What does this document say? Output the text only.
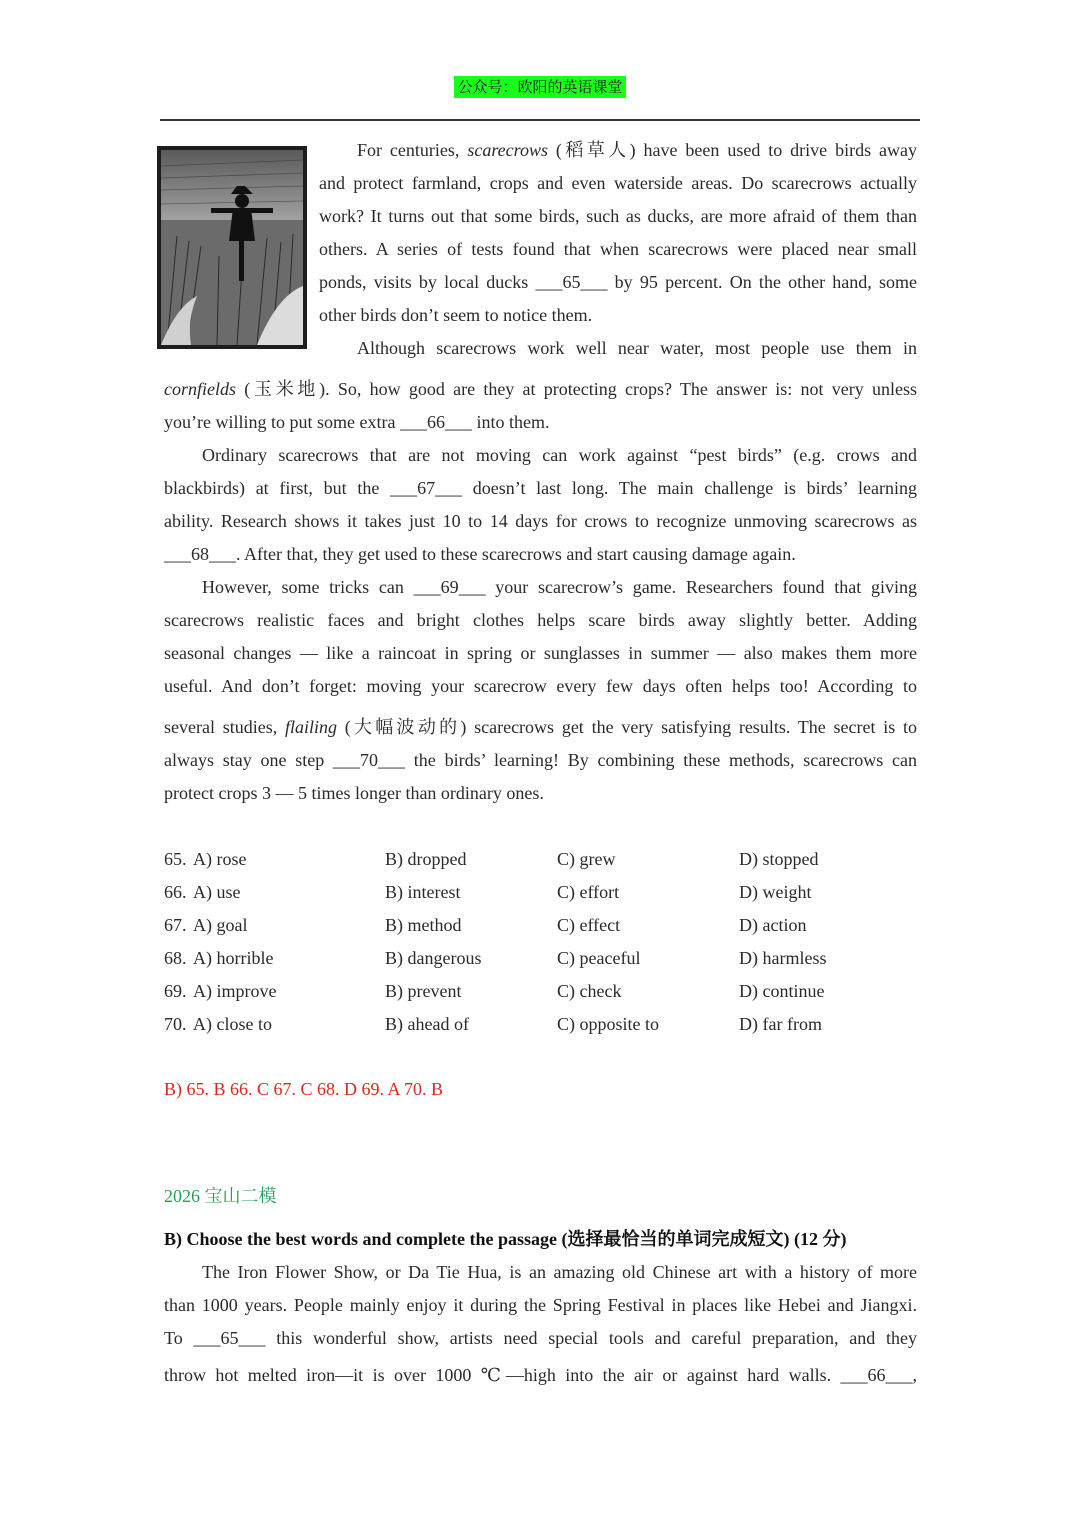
公众号：欧阳的英语课堂

For centuries, scarecrows (稻草人) have been used to drive birds away

and protect farmland, crops and even waterside areas. Do scarecrows actually

work? It turns out that some birds, such as ducks, are more afraid of them than

others. A series of tests found that when scarecrows were placed near small

ponds, visits by local ducks ___65___ by 95 percent. On the other hand, some

other birds don’t seem to notice them.

Although scarecrows work well near water, most people use them in

cornfields (玉米地). So, how good are they at protecting crops? The answer is: not very unless

you’re willing to put some extra ___66___ into them.

Ordinary scarecrows that are not moving can work against “pest birds” (e.g. crows and

blackbirds) at first, but the ___67___ doesn’t last long. The main challenge is birds’ learning

ability. Research shows it takes just 10 to 14 days for crows to recognize unmoving scarecrows as

___68___. After that, they get used to these scarecrows and start causing damage again.

However, some tricks can ___69___ your scarecrow’s game. Researchers found that giving

scarecrows realistic faces and bright clothes helps scare birds away slightly better. Adding

seasonal changes — like a raincoat in spring or sunglasses in summer — also makes them more

useful. And don’t forget: moving your scarecrow every few days often helps too! According to

several studies, flailing (大幅波动的) scarecrows get the very satisfying results. The secret is to

always stay one step ___70___ the birds’ learning! By combining these methods, scarecrows can

protect crops 3 — 5 times longer than ordinary ones.

65. A) rose	B) dropped	C) grew	D) stopped
66. A) use	B) interest	C) effort	D) weight
67. A) goal	B) method	C) effect	D) action
68. A) horrible	B) dangerous	C) peaceful	D) harmless
69. A) improve	B) prevent	C) check	D) continue
70. A) close to	B) ahead of	C) opposite to	D) far from
B) 65. B 66. C 67. C 68. D 69. A 70. B
2026 宝山二模
B) Choose the best words and complete the passage (选择最恰当的单词完成短文) (12 分)

The Iron Flower Show, or Da Tie Hua, is an amazing old Chinese art with a history of more

than 1000 years. People mainly enjoy it during the Spring Festival in places like Hebei and Jiangxi.

To ___65___ this wonderful show, artists need special tools and careful preparation, and they

throw hot melted iron—it is over 1000 ℃—high into the air or against hard walls. ___66___,
